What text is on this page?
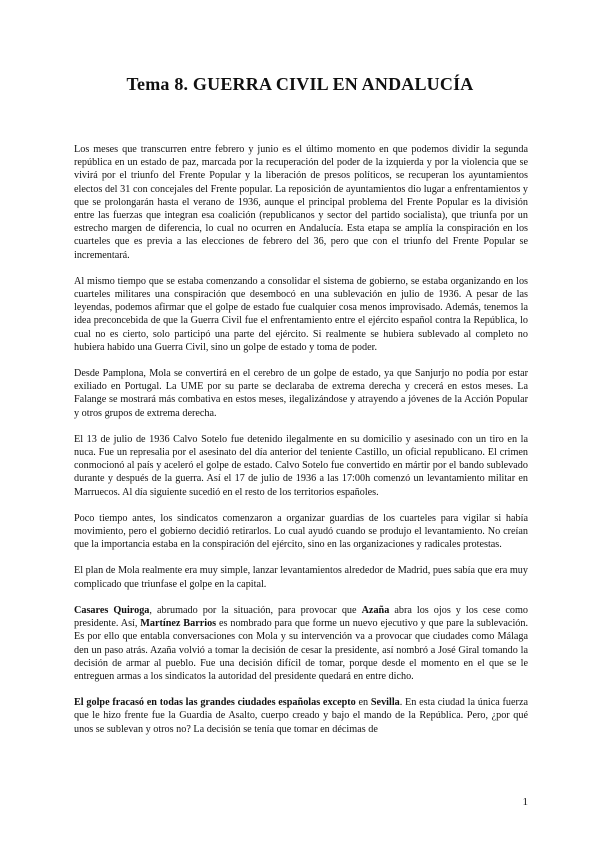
Tema 8. GUERRA CIVIL EN ANDALUCÍA

Los meses que transcurren entre febrero y junio es el último momento en que podemos dividir la segunda república en un estado de paz, marcada por la recuperación del poder de la izquierda y por la violencia que se vivirá por el triunfo del Frente Popular y la liberación de presos políticos, se recuperan los ayuntamientos electos del 31 con concejales del Frente popular. La reposición de ayuntamientos dio lugar a enfrentamientos y que se prolongarán hasta el verano de 1936, aunque el principal problema del Frente Popular es la división entre las fuerzas que integran esa coalición (republicanos y sector del partido socialista), que triunfa por un estrecho margen de diferencia, lo cual no ocurren en Andalucía. Esta etapa se amplía la conspiración en los cuarteles que es previa a las elecciones de febrero del 36, pero que con el triunfo del Frente Popular se incrementará.

Al mismo tiempo que se estaba comenzando a consolidar el sistema de gobierno, se estaba organizando en los cuarteles militares una conspiración que desembocó en una sublevación en julio de 1936. A pesar de las leyendas, podemos afirmar que el golpe de estado fue cualquier cosa menos improvisado. Además, tenemos la idea preconcebida de que la Guerra Civil fue el enfrentamiento entre el ejército español contra la República, lo cual no es cierto, solo participó una parte del ejército. Si realmente se hubiera sublevado al completo no hubiera habido una Guerra Civil, sino un golpe de estado y toma de poder.

Desde Pamplona, Mola se convertirá en el cerebro de un golpe de estado, ya que Sanjurjo no podía por estar exiliado en Portugal. La UME por su parte se declaraba de extrema derecha y crecerá en estos meses. La Falange se mostrará más combativa en estos meses, ilegalizándose y atrayendo a jóvenes de la Acción Popular y otros grupos de extrema derecha.

El 13 de julio de 1936 Calvo Sotelo fue detenido ilegalmente en su domicilio y asesinado con un tiro en la nuca. Fue un represalia por el asesinato del día anterior del teniente Castillo, un oficial republicano. El crimen conmocionó al país y aceleró el golpe de estado. Calvo Sotelo fue convertido en mártir por el bando sublevado durante y después de la guerra. Así el 17 de julio de 1936 a las 17:00h comenzó un levantamiento militar en Marruecos. Al día siguiente sucedió en el resto de los territorios españoles.

Poco tiempo antes, los sindicatos comenzaron a organizar guardias de los cuarteles para vigilar si había movimiento, pero el gobierno decidió retirarlos. Lo cual ayudó cuando se produjo el levantamiento. No creían que la importancia estaba en la conspiración del ejército, sino en las organizaciones y radicales protestas.

El plan de Mola realmente era muy simple, lanzar levantamientos alrededor de Madrid, pues sabía que era muy complicado que triunfase el golpe en la capital.

Casares Quiroga, abrumado por la situación, para provocar que Azaña abra los ojos y los cese como presidente. Así, Martínez Barrios es nombrado para que forme un nuevo ejecutivo y que pare la sublevación. Es por ello que entabla conversaciones con Mola y su intervención va a provocar que ciudades como Málaga den un paso atrás. Azaña volvió a tomar la decisión de cesar la presidente, así nombró a José Giral tomando la decisión de armar al pueblo. Fue una decisión difícil de tomar, porque desde el momento en el que se le entreguen armas a los sindicatos la autoridad del presidente quedará en entre dicho.

El golpe fracasó en todas las grandes ciudades españolas excepto en Sevilla. En esta ciudad la única fuerza que le hizo frente fue la Guardia de Asalto, cuerpo creado y bajo el mando de la República. Pero, ¿por qué unos se sublevan y otros no? La decisión se tenía que tomar en décimas de

1
